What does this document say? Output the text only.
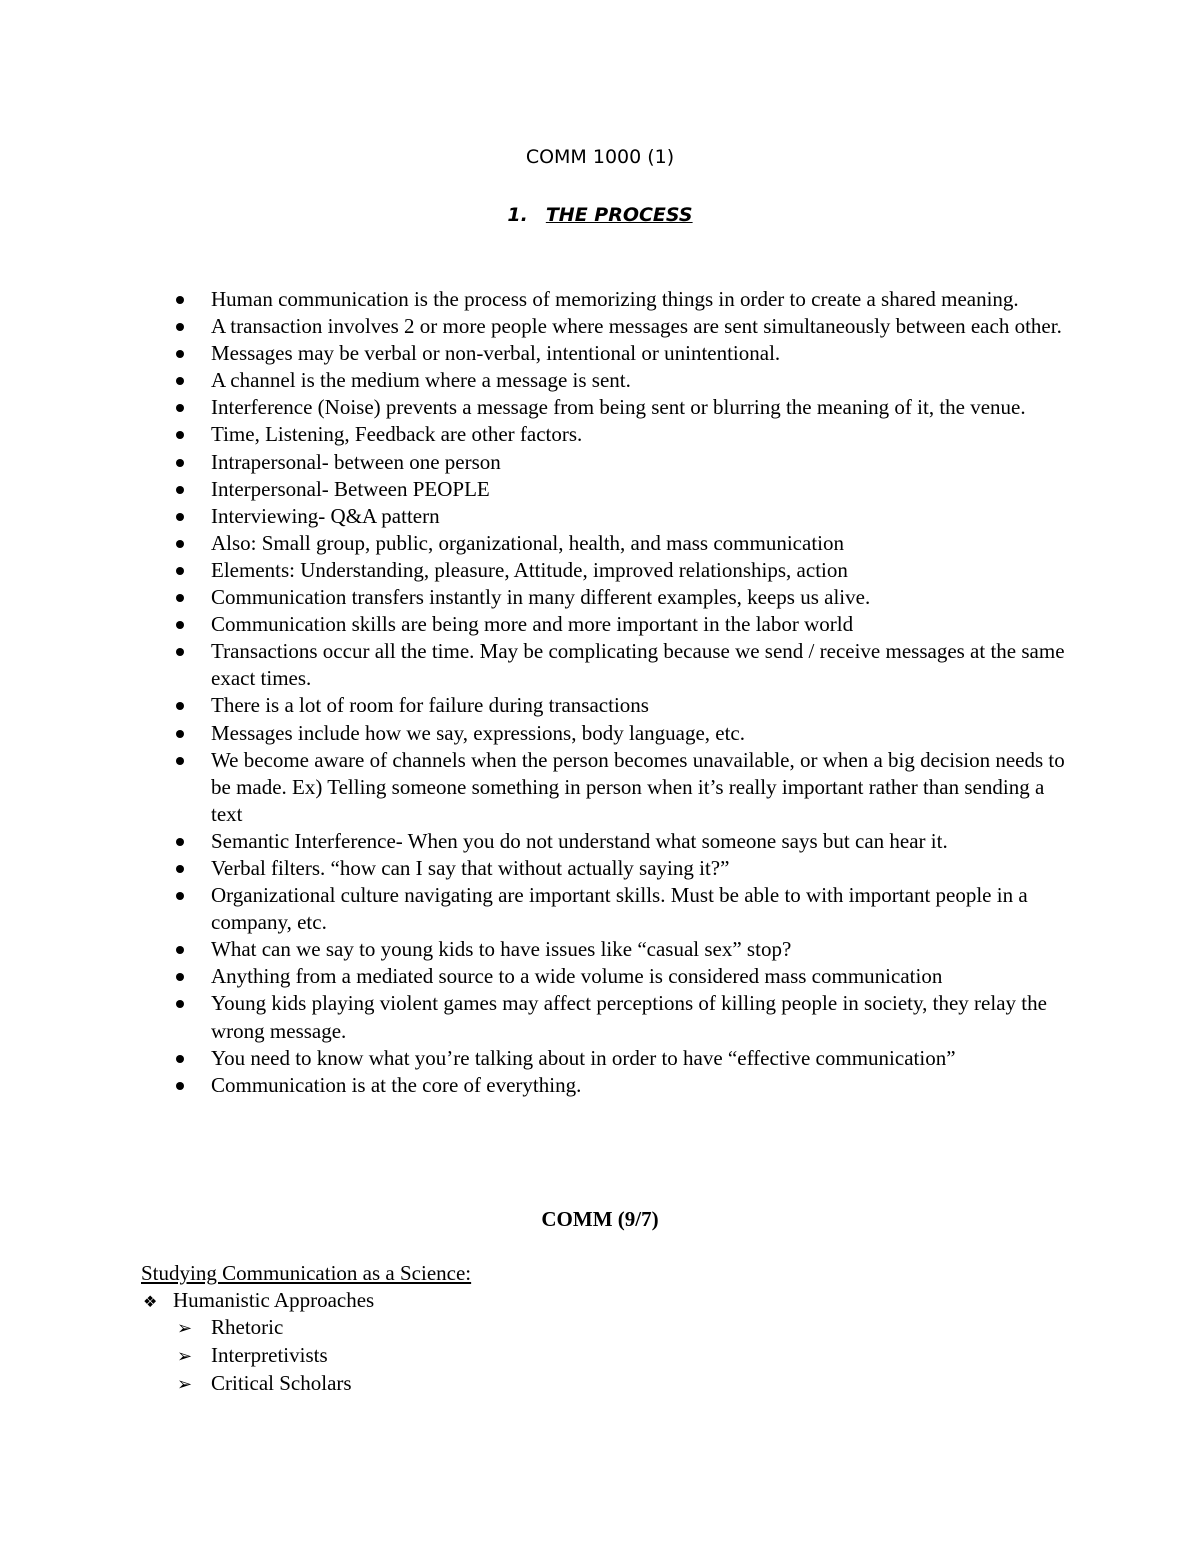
COMM 1000 (1)
1. THE PROCESS
Human communication is the process of memorizing things in order to create a shared meaning.
A transaction involves 2 or more people where messages are sent simultaneously between each other.
Messages may be verbal or non-verbal, intentional or unintentional.
A channel is the medium where a message is sent.
Interference (Noise) prevents a message from being sent or blurring the meaning of it, the venue.
Time, Listening, Feedback are other factors.
Intrapersonal- between one person
Interpersonal- Between PEOPLE
Interviewing- Q&A pattern
Also: Small group, public, organizational, health, and mass communication
Elements: Understanding, pleasure, Attitude, improved relationships, action
Communication transfers instantly in many different examples, keeps us alive.
Communication skills are being more and more important in the labor world
Transactions occur all the time. May be complicating because we send / receive messages at the same exact times.
There is a lot of room for failure during transactions
Messages include how we say, expressions, body language, etc.
We become aware of channels when the person becomes unavailable, or when a big decision needs to be made. Ex) Telling someone something in person when it’s really important rather than sending a text
Semantic Interference- When you do not understand what someone says but can hear it.
Verbal filters. “how can I say that without actually saying it?”
Organizational culture navigating are important skills. Must be able to with important people in a company, etc.
What can we say to young kids to have issues like “casual sex” stop?
Anything from a mediated source to a wide volume is considered mass communication
Young kids playing violent games may affect perceptions of killing people in society, they relay the wrong message.
You need to know what you’re talking about in order to have “effective communication”
Communication is at the core of everything.
COMM (9/7)
Studying Communication as a Science:
❖ Humanistic Approaches
➢ Rhetoric
➢ Interpretivists
➢ Critical Scholars
